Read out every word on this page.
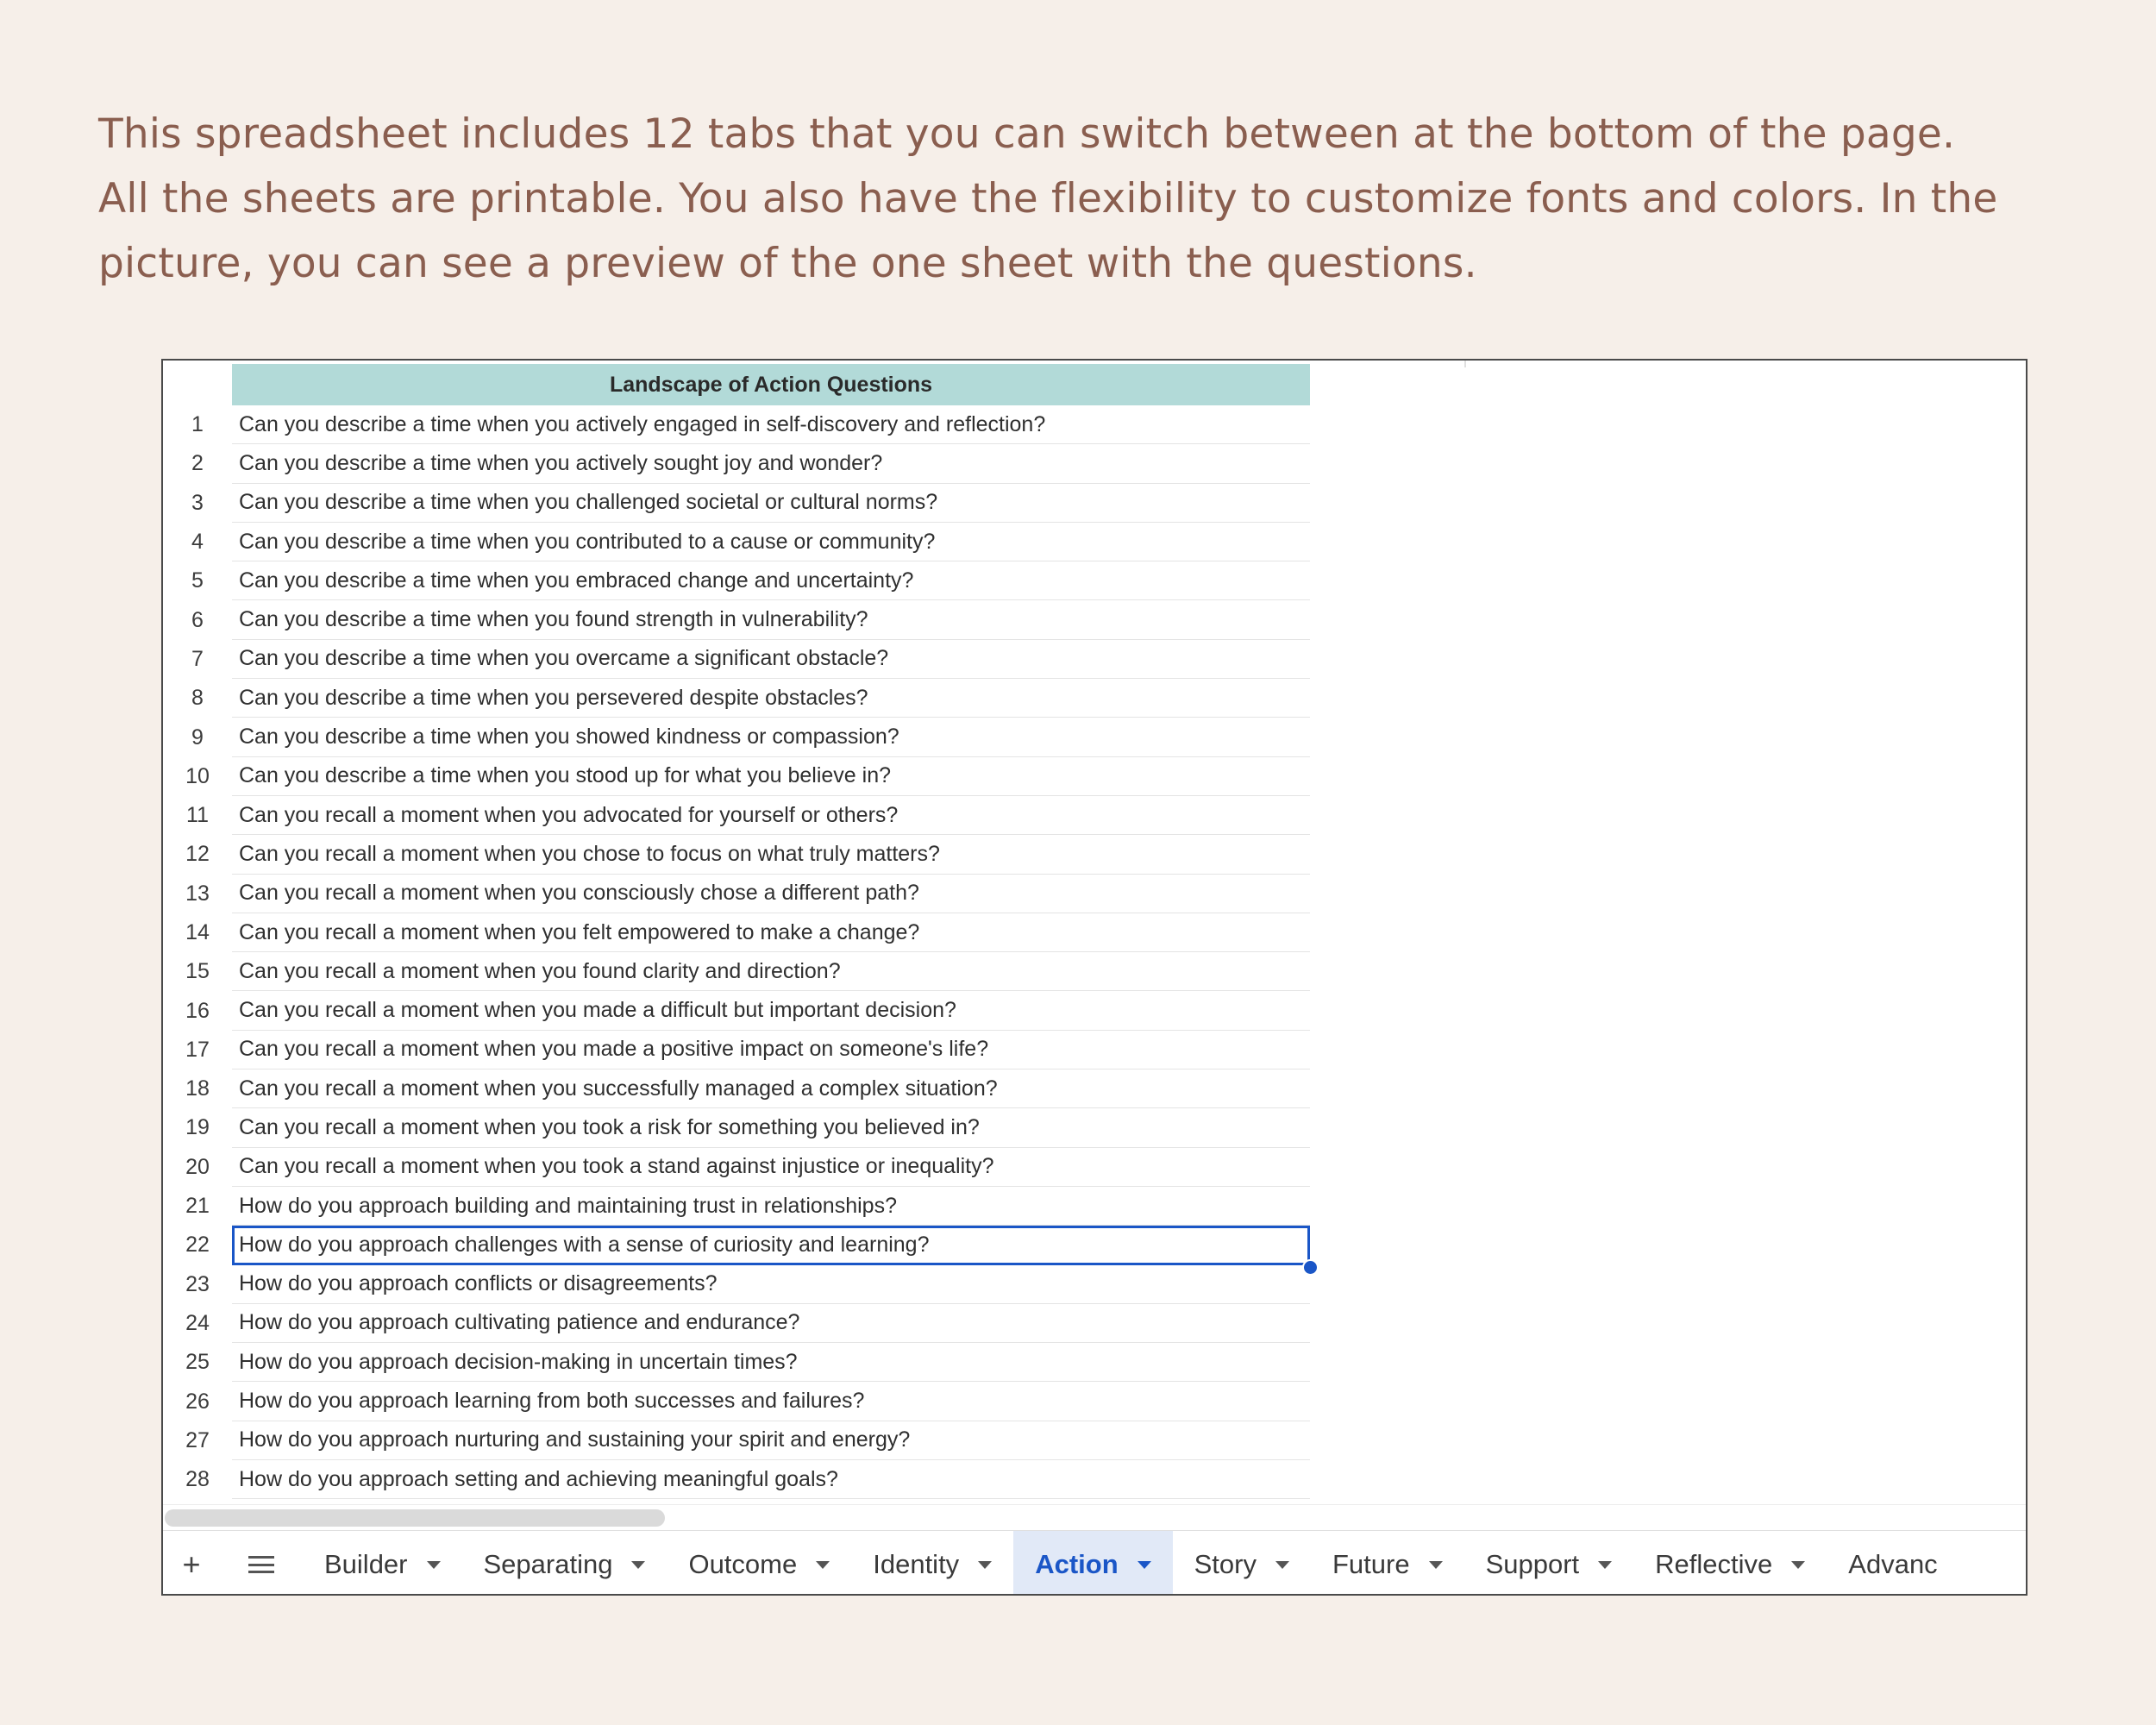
This spreadsheet includes 12 tabs that you can switch between at the bottom of the page.
All the sheets are printable. You also have the flexibility to customize fonts and colors. In the
picture, you can see a preview of the one sheet with the questions.

Landscape of Action Questions
1	Can you describe a time when you actively engaged in self-discovery and reflection?
2	Can you describe a time when you actively sought joy and wonder?
3	Can you describe a time when you challenged societal or cultural norms?
4	Can you describe a time when you contributed to a cause or community?
5	Can you describe a time when you embraced change and uncertainty?
6	Can you describe a time when you found strength in vulnerability?
7	Can you describe a time when you overcame a significant obstacle?
8	Can you describe a time when you persevered despite obstacles?
9	Can you describe a time when you showed kindness or compassion?
10	Can you describe a time when you stood up for what you believe in?
11	Can you recall a moment when you advocated for yourself or others?
12	Can you recall a moment when you chose to focus on what truly matters?
13	Can you recall a moment when you consciously chose a different path?
14	Can you recall a moment when you felt empowered to make a change?
15	Can you recall a moment when you found clarity and direction?
16	Can you recall a moment when you made a difficult but important decision?
17	Can you recall a moment when you made a positive impact on someone's life?
18	Can you recall a moment when you successfully managed a complex situation?
19	Can you recall a moment when you took a risk for something you believed in?
20	Can you recall a moment when you took a stand against injustice or inequality?
21	How do you approach building and maintaining trust in relationships?
22	How do you approach challenges with a sense of curiosity and learning?
23	How do you approach conflicts or disagreements?
24	How do you approach cultivating patience and endurance?
25	How do you approach decision-making in uncertain times?
26	How do you approach learning from both successes and failures?
27	How do you approach nurturing and sustaining your spirit and energy?
28	How do you approach setting and achieving meaningful goals?
+	Builder	Separating	Outcome	Identity	Action	Story	Future	Support	Reflective	Advanc
